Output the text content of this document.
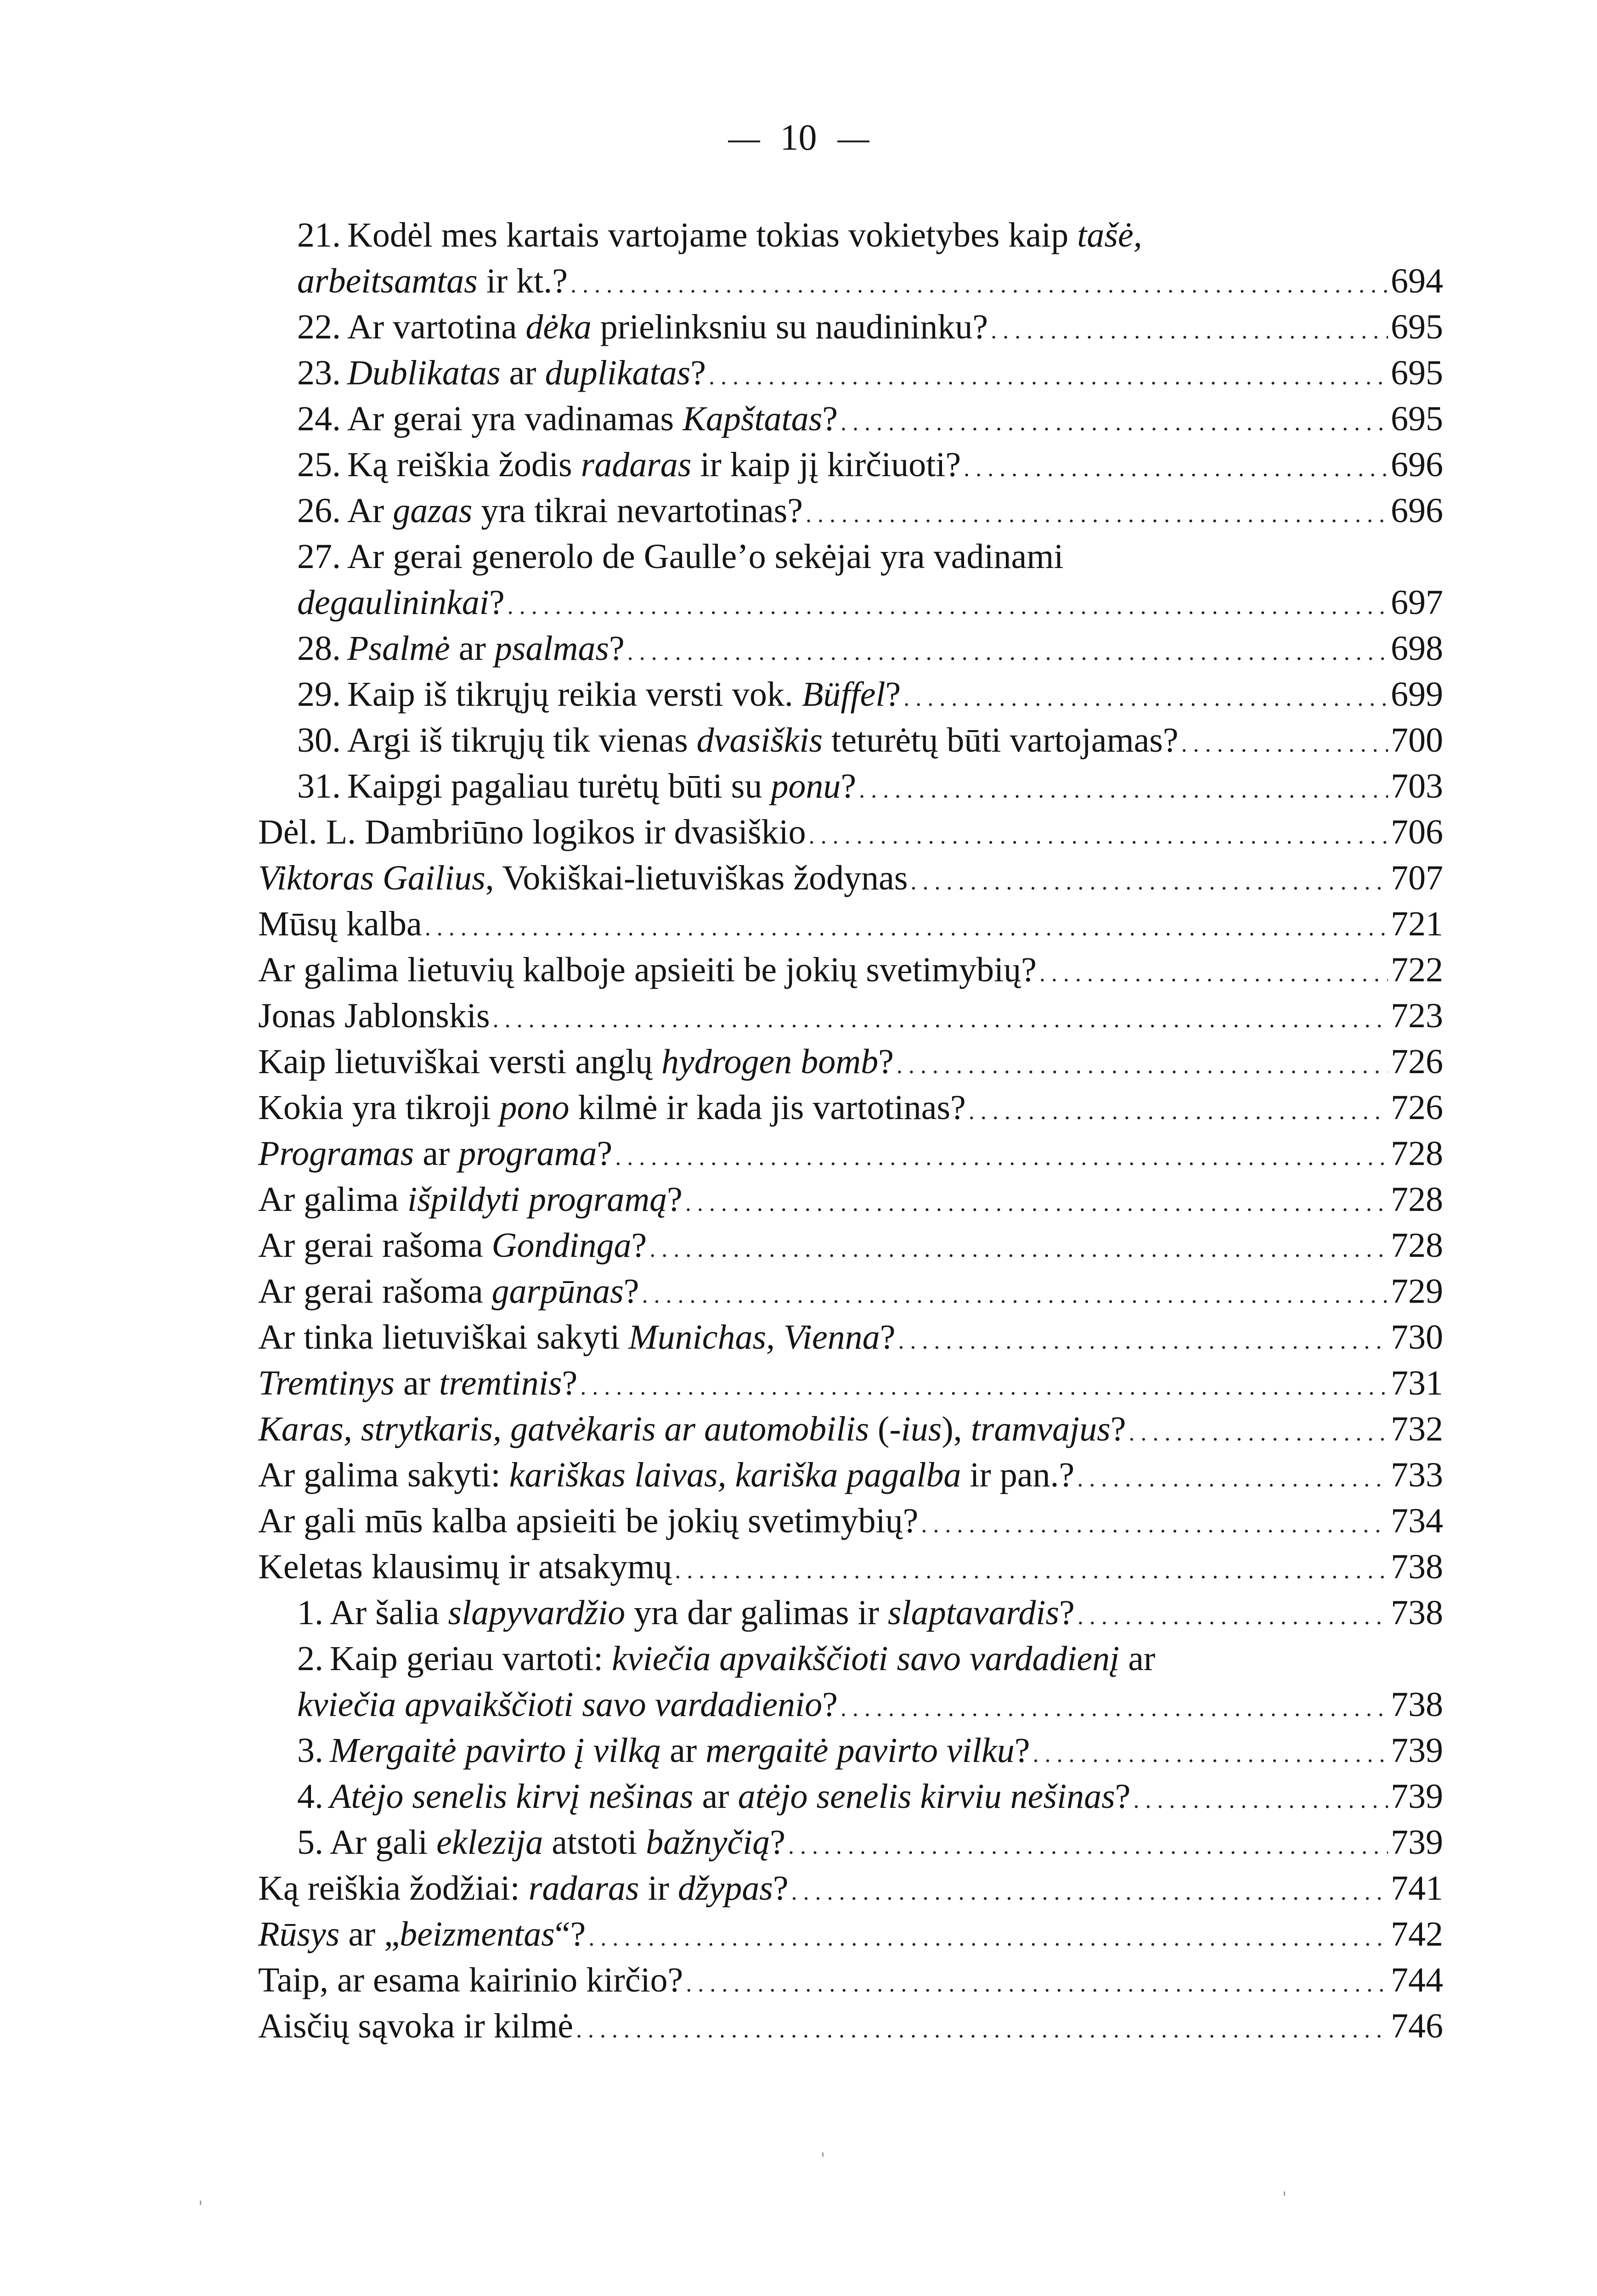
10
21. Kodėl mes kartais vartojame tokias vokietybes kaip tašė,
arbeitsamtas ir kt.? . . .	694
22. Ar vartotina dėka prielinksniu su naudininku? . . .	695
23. Dublikatas ar duplikatas? . . .	695
24. Ar gerai yra vadinamas Kapštatas? . . .	695
25. Ką reiškia žodis radaras ir kaip jį kirčiuoti? . . .	696
26. Ar gazas yra tikrai nevartotinas? . . .	696
27. Ar gerai generolo de Gaulle’o sekėjai yra vadinami
degaulininkai? . . .	697
28. Psalmė ar psalmas? . . .	698
29. Kaip iš tikrųjų reikia versti vok. Büffel? . . .	699
30. Argi iš tikrųjų tik vienas dvasiškis teturėtų būti vartojamas? . . .	700
31. Kaipgi pagaliau turėtų būti su ponu? . . .	703
Dėl. L. Dambriūno logikos ir dvasiškio . . .	706
Viktoras Gailius, Vokiškai-lietuviškas žodynas . . .	707
Mūsų kalba . . .	721
Ar galima lietuvių kalboje apsieiti be jokių svetimybių? . . .	722
Jonas Jablonskis . . .	723
Kaip lietuviškai versti anglų hydrogen bomb? . . .	726
Kokia yra tikroji pono kilmė ir kada jis vartotinas? . . .	726
Programas ar programa? . . .	728
Ar galima išpildyti programą? . . .	728
Ar gerai rašoma Gondinga? . . .	728
Ar gerai rašoma garpūnas? . . .	729
Ar tinka lietuviškai sakyti Munichas, Vienna? . . .	730
Tremtinys ar tremtinis? . . .	731
Karas, strytkaris, gatvėkaris ar automobilis (-ius), tramvajus? . . .	732
Ar galima sakyti: kariškas laivas, kariška pagalba ir pan.? . . .	733
Ar gali mūs kalba apsieiti be jokių svetimybių? . . .	734
Keletas klausimų ir atsakymų . . .	738
1. Ar šalia slapyvardžio yra dar galimas ir slaptavardis? . . .	738
2. Kaip geriau vartoti: kviečia apvaikščioti savo vardadienį ar
kviečia apvaikščioti savo vardadienio? . . .	738
3. Mergaitė pavirto į vilką ar mergaitė pavirto vilku? . . .	739
4. Atėjo senelis kirvį nešinas ar atėjo senelis kirviu nešinas? . . .	739
5. Ar gali eklezija atstoti bažnyčią? . . .	739
Ką reiškia žodžiai: radaras ir džypas? . . .	741
Rūsys ar „beizmentas“? . . .	742
Taip, ar esama kairinio kirčio? . . .	744
Aisčių sąvoka ir kilmė . . .	746
